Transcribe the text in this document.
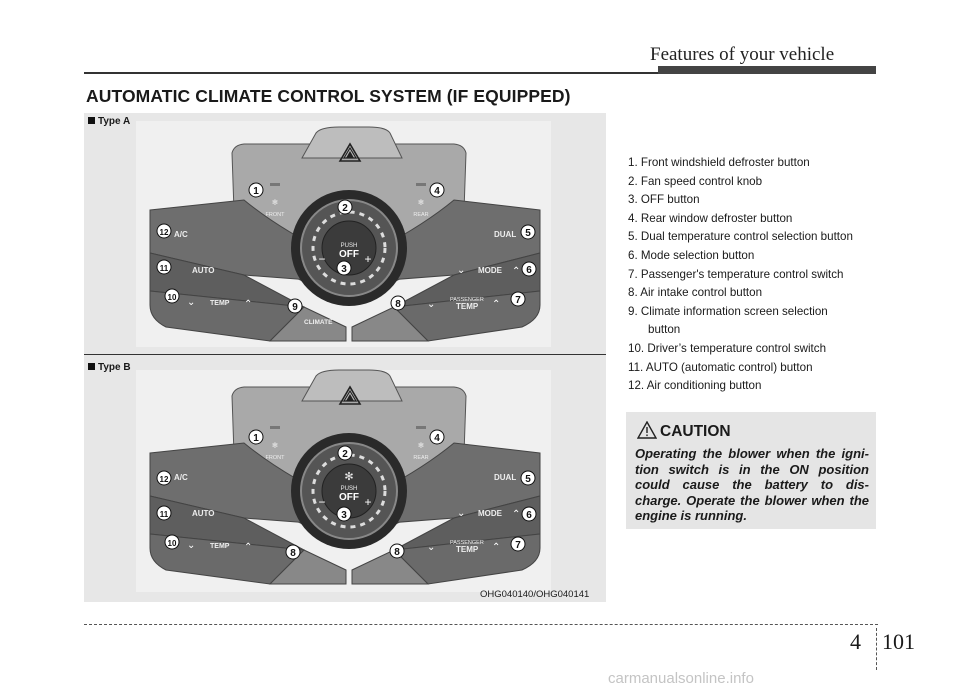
Features of your vehicle
AUTOMATIC CLIMATE CONTROL SYSTEM (IF EQUIPPED)
Type A
Type B
❄
FRONT
❄
REAR
PUSH
OFF
−	+
A/C
AUTO
TEMP
⌄	⌃
DUAL
MODE
⌄	⌃
PASSENGER
TEMP
⌄	⌃
CLIMATE
1
2
3
4
5
6
7
8
9
10
11
12
✻
❄
FRONT
❄
REAR
PUSH
OFF
−	+
A/C
AUTO
TEMP
⌄	⌃
DUAL
MODE
⌄	⌃
PASSENGER
TEMP
⌄	⌃
1
2
3
4
5
6
7
8	8
10
11
12
OHG040140/OHG040141
1. Front windshield defroster button
2. Fan speed control knob
3. OFF button
4. Rear window defroster button
5. Dual temperature control selection button
6. Mode selection button
7. Passenger's temperature control switch
8. Air intake control button
9. Climate information screen selection
button
10. Driver’s temperature control switch
11. AUTO (automatic control) button
12. Air conditioning button
CAUTION
Operating the blower when the igni- tion switch is in the ON position could cause the battery to dis- charge. Operate the blower when the engine is running.
4 101
carmanualsonline.info
